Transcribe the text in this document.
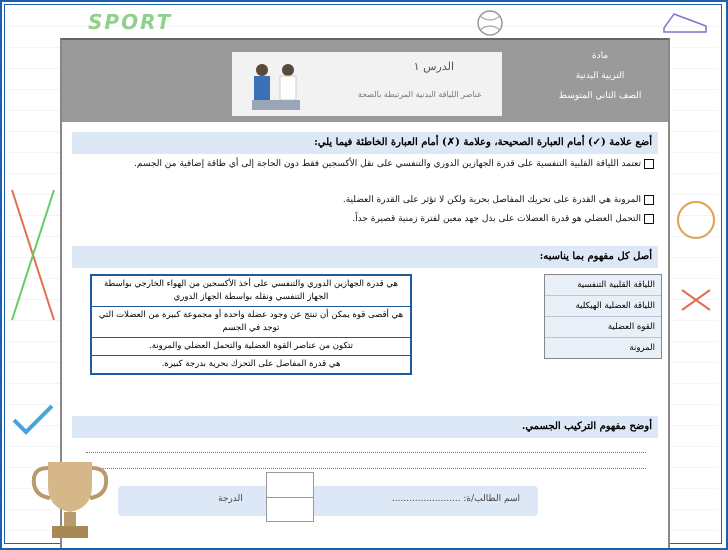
SPORT
الدرس ١
عناصر اللياقة البدنية المرتبطة بالصحة
مادة
التربية البدنية
الصف الثاني المتوسط
أضع علامة (✓) أمام العبارة الصحيحة، وعلامة (✗) أمام العبارة الخاطئة فيما يلي:
تعتمد اللياقة القلبية التنفسية على قدرة الجهازين الدوري والتنفسي على نقل الأكسجين فقط دون الحاجة إلى أي طاقة إضافية من الجسم.
المرونة هي القدرة على تحريك المفاصل بحرية ولكن لا تؤثر على القدرة العضلية.
التحمل العضلي هو قدرة العضلات على بذل جهد معين لفترة زمنية قصيرة جداً.
أصل كل مفهوم بما يناسبه:
هي قدرة الجهازين الدوري والتنفسي على أخذ الأكسجين من الهواء الخارجي بواسطة الجهاز التنفسي ونقله بواسطة الجهاز الدوري
هي أقصى قوة يمكن أن تنتج عن وجود عضلة واحدة أو مجموعة كبيرة من العضلات التي توجد في الجسم
تتكون من عناصر القوة العضلية والتحمل العضلي والمرونة.
هي قدرة المفاصل على التحرك بحرية بدرجة كبيرة.
اللياقة القلبية التنفسية
اللياقة العضلية الهيكلية
القوة العضلية
المرونة
أوضح مفهوم التركيب الجسمي.
الدرجة	اسم الطالب/ة: ........................
